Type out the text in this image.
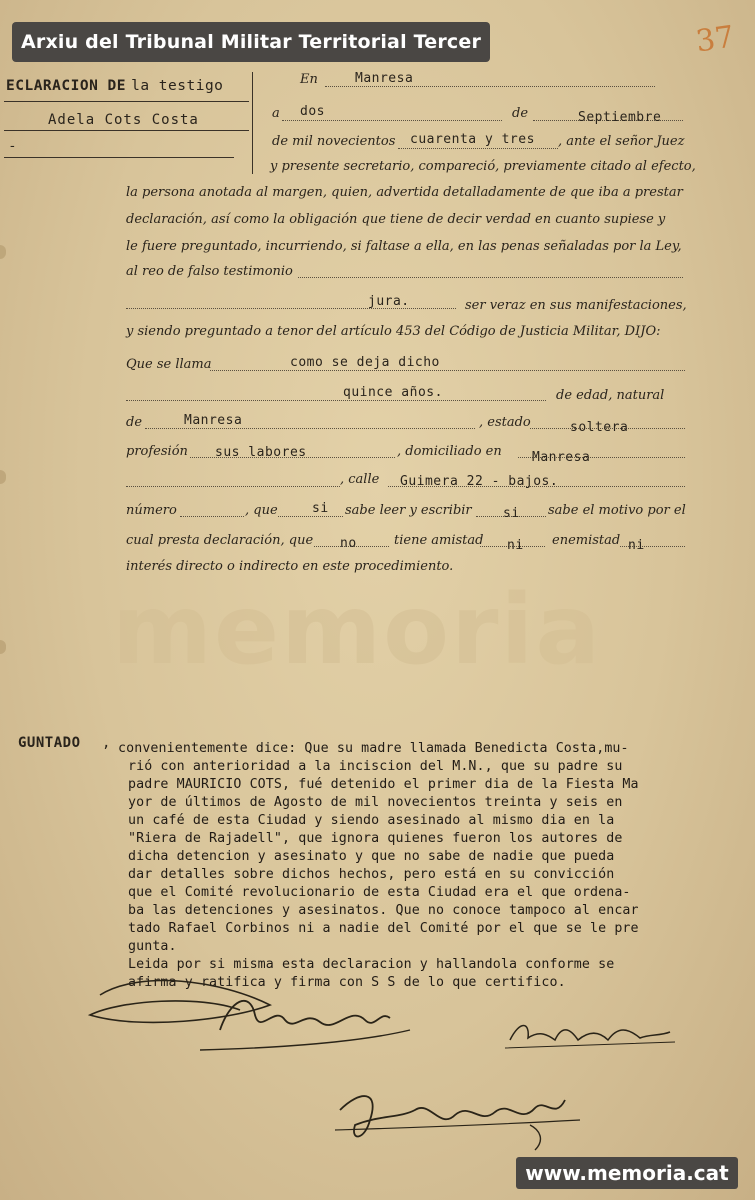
Arxiu del Tribunal Militar Territorial Tercer	37
ECLARACION DE la testigo
Adela Cots Costa
-
En	Manresa
a dos	de	Septiembre
de mil novecientos cuarenta y tres , ante el señor Juez
y presente secretario, compareció, previamente citado al efecto,
la persona anotada al margen, quien, advertida detalladamente de que iba a prestar
declaración, así como la obligación que tiene de decir verdad en cuanto supiese y
le fuere preguntado, incurriendo, si faltase a ella, en las penas señaladas por la Ley,
al reo de falso testimonio
jura.	ser veraz en sus manifestaciones,
y siendo preguntado a tenor del artículo 453 del Código de Justicia Militar, DIJO:
Que se llama	como se deja dicho
quince años.	de edad, natural
de	Manresa	, estado	soltera
profesión sus labores	, domiciliado en Manresa
, calle Guimera 22 - bajos.
número	, que	si sabe leer y escribir si sabe el motivo por el
cual presta declaración, que no	tiene amistad ni enemistad ni
interés directo o indirecto en este procedimiento.
memoria
GUNTADO , convenientemente dice: Que su madre llamada Benedicta Costa,mu-
rió con anterioridad a la inciscion del M.N., que su padre su
padre MAURICIO COTS, fué detenido el primer dia de la Fiesta Ma
yor de últimos de Agosto de mil novecientos treinta y seis en
un café de esta Ciudad y siendo asesinado al mismo dia en la
"Riera de Rajadell", que ignora quienes fueron los autores de
dicha detencion y asesinato y que no sabe de nadie que pueda
dar detalles sobre dichos hechos, pero está en su convicción
que el Comité revolucionario de esta Ciudad era el que ordena-
ba las detenciones y asesinatos. Que no conoce tampoco al encar
tado Rafael Corbinos ni a nadie del Comité por el que se le pre
gunta.
Leida por si misma esta declaracion y hallandola conforme se
afirma y ratifica y firma con S S de lo que certifico.
www.memoria.cat
